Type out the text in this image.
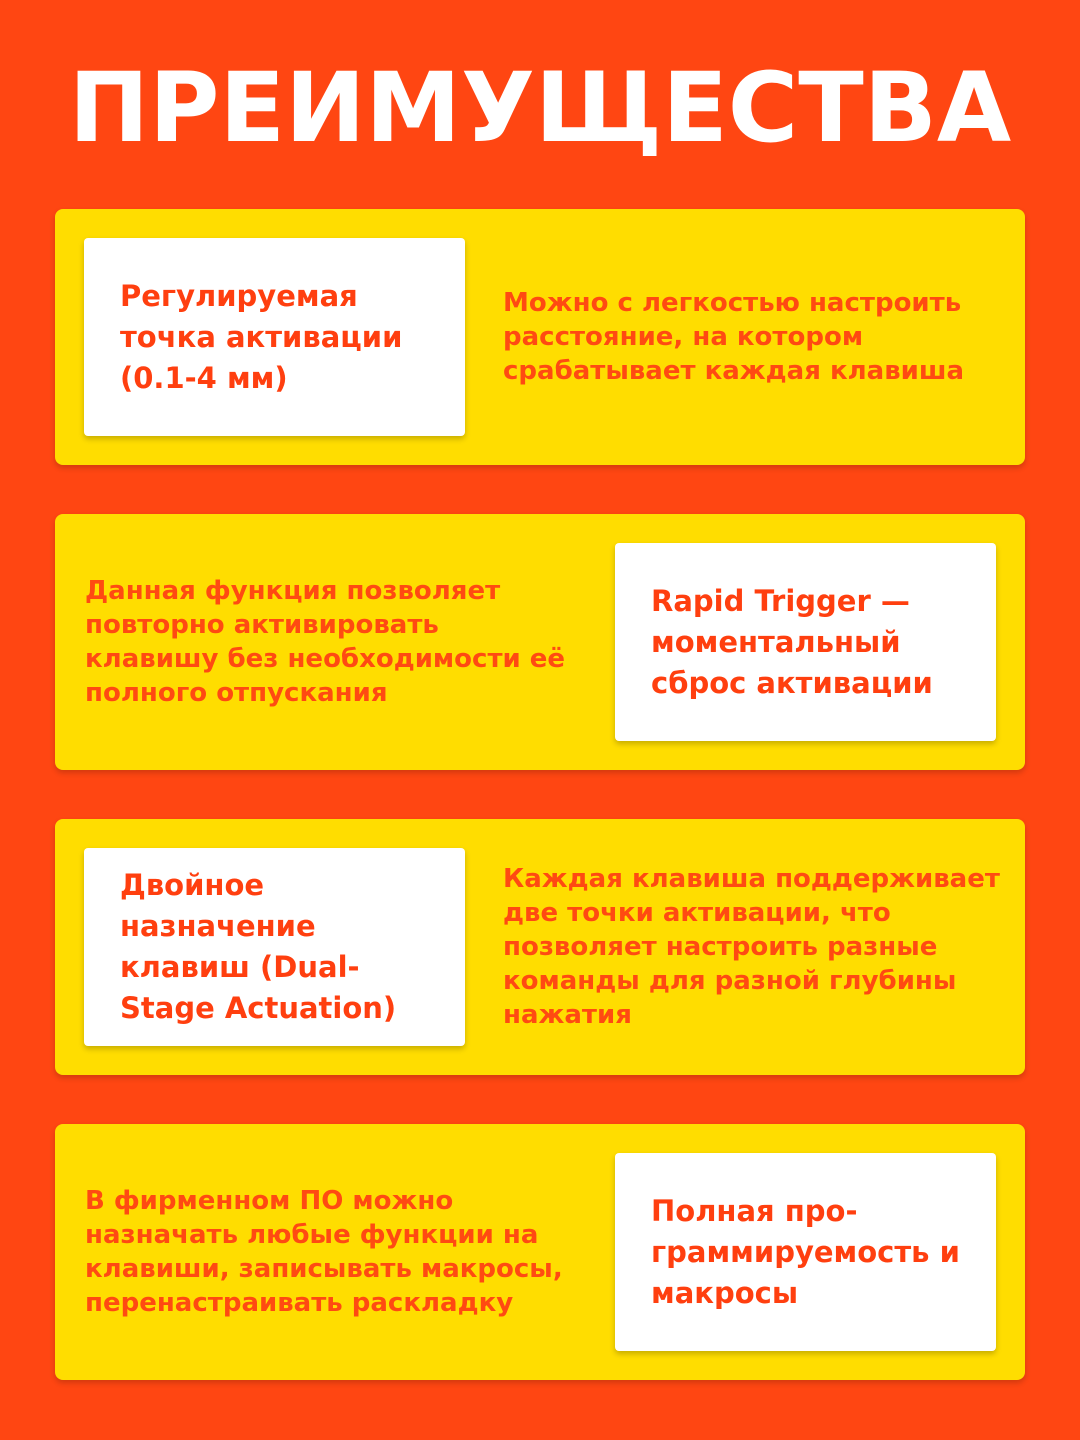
ПРЕИМУЩЕСТВА

Регулируемая точка активации (0.1-4 мм)

Можно с легкостью настроить расстояние, на котором срабатывает каждая клавиша
Данная функция позволяет повторно активировать клавишу без необходимости её полного отпускания

Rapid Trigger — моментальный сброс активации

Двойное назначение клавиш (Dual-Stage Actuation)

Каждая клавиша поддерживает две точки активации, что позволяет настроить разные команды для разной глубины нажатия
В фирменном ПО можно назначать любые функции на клавиши, записывать макросы, перенастраивать раскладку

Полная про-граммируемость и макросы
